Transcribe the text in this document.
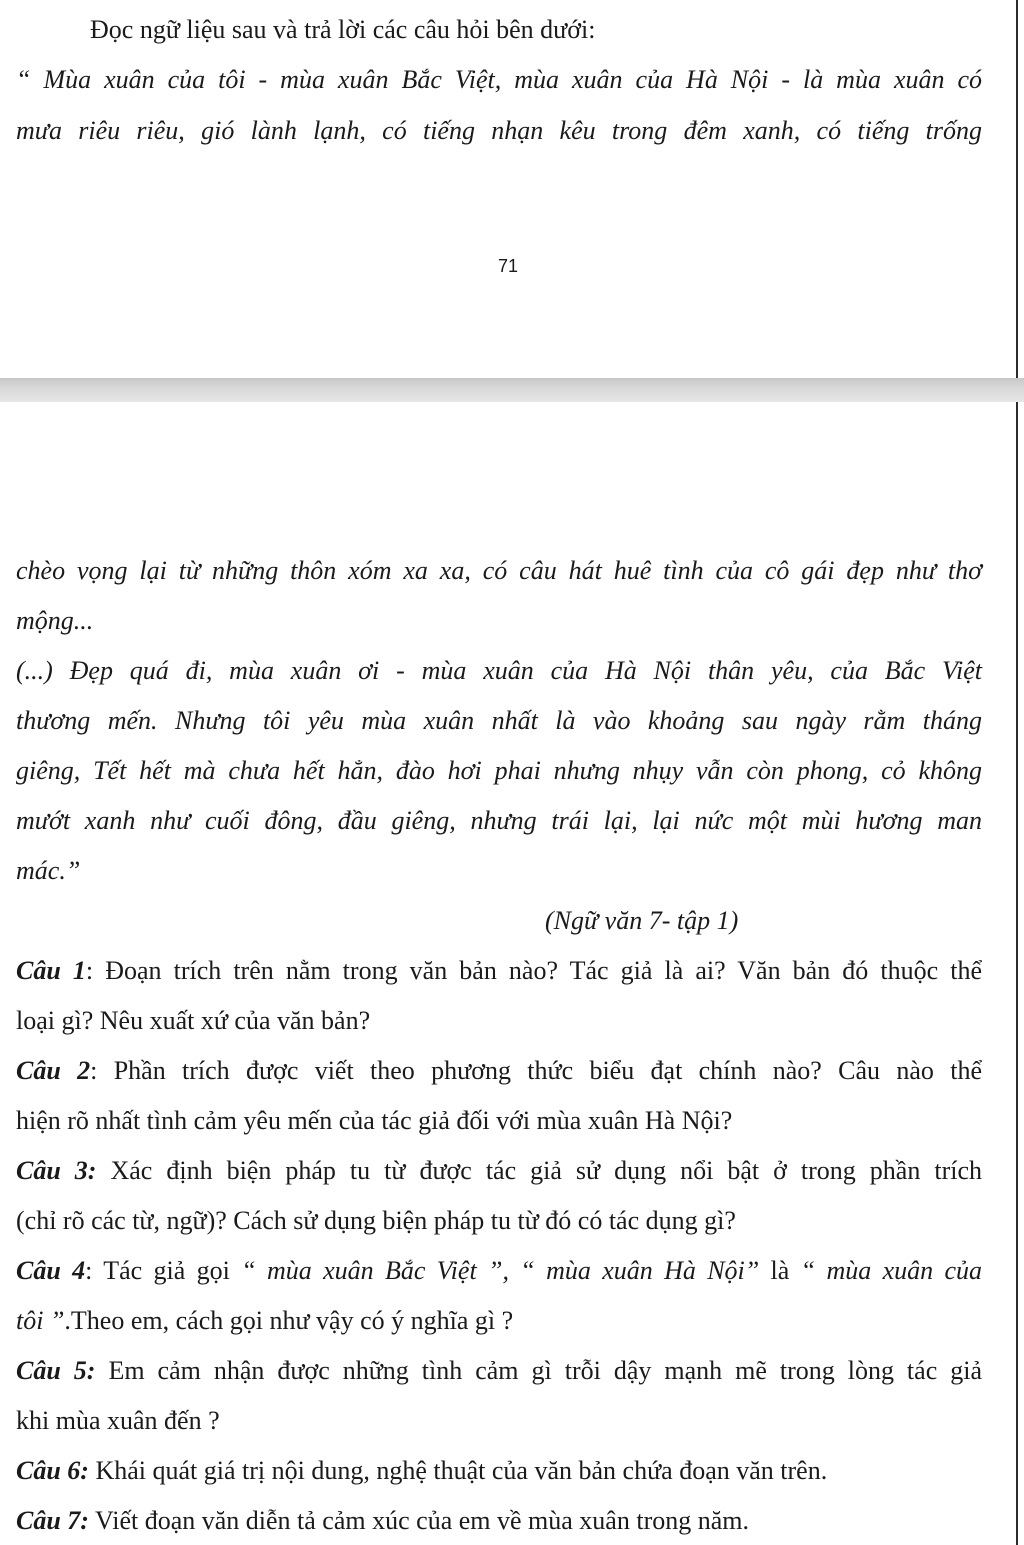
Đọc ngữ liệu sau và trả lời các câu hỏi bên dưới:
“ Mùa xuân của tôi - mùa xuân Bắc Việt, mùa xuân của Hà Nội - là mùa xuân có
mưa riêu riêu, gió lành lạnh, có tiếng nhạn kêu trong đêm xanh, có tiếng trống
71
chèo vọng lại từ những thôn xóm xa xa, có câu hát huê tình của cô gái đẹp như thơ
mộng...
(...) Đẹp quá đi, mùa xuân ơi - mùa xuân của Hà Nội thân yêu, của Bắc Việt
thương mến. Nhưng tôi yêu mùa xuân nhất là vào khoảng sau ngày rằm tháng
giêng, Tết hết mà chưa hết hẳn, đào hơi phai nhưng nhụy vẫn còn phong, cỏ không
mướt xanh như cuối đông, đầu giêng, nhưng trái lại, lại nức một mùi hương man
mác.”
(Ngữ văn 7- tập 1)
Câu 1: Đoạn trích trên nằm trong văn bản nào? Tác giả là ai? Văn bản đó thuộc thể
loại gì? Nêu xuất xứ của văn bản?
Câu 2: Phần trích được viết theo phương thức biểu đạt chính nào? Câu nào thể
hiện rõ nhất tình cảm yêu mến của tác giả đối với mùa xuân Hà Nội?
Câu 3: Xác định biện pháp tu từ được tác giả sử dụng nổi bật ở trong phần trích
(chỉ rõ các từ, ngữ)? Cách sử dụng biện pháp tu từ đó có tác dụng gì?
Câu 4: Tác giả gọi “ mùa xuân Bắc Việt ”, “ mùa xuân Hà Nội” là “ mùa xuân của
tôi ”.Theo em, cách gọi như vậy có ý nghĩa gì ?
Câu 5: Em cảm nhận được những tình cảm gì trỗi dậy mạnh mẽ trong lòng tác giả
khi mùa xuân đến ?
Câu 6: Khái quát giá trị nội dung, nghệ thuật của văn bản chứa đoạn văn trên.
Câu 7: Viết đoạn văn diễn tả cảm xúc của em về mùa xuân trong năm.
